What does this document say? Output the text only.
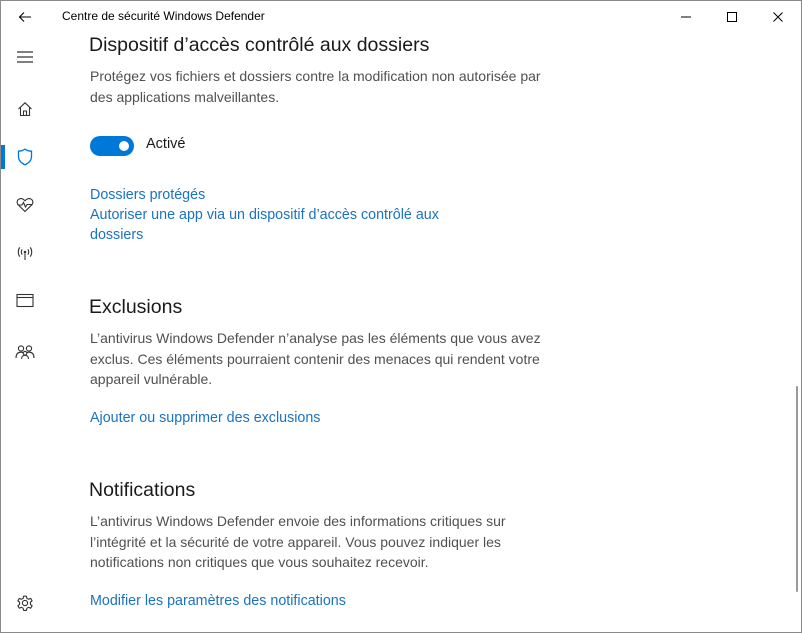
Centre de sécurité Windows Defender
Dispositif d’accès contrôlé aux dossiers
Protégez vos fichiers et dossiers contre la modification non autorisée par
des applications malveillantes.
Activé
Dossiers protégés
Autoriser une app via un dispositif d’accès contrôlé aux
dossiers
Exclusions
L’antivirus Windows Defender n’analyse pas les éléments que vous avez
exclus. Ces éléments pourraient contenir des menaces qui rendent votre
appareil vulnérable.
Ajouter ou supprimer des exclusions
Notifications
L’antivirus Windows Defender envoie des informations critiques sur
l’intégrité et la sécurité de votre appareil. Vous pouvez indiquer les
notifications non critiques que vous souhaitez recevoir.
Modifier les paramètres des notifications
